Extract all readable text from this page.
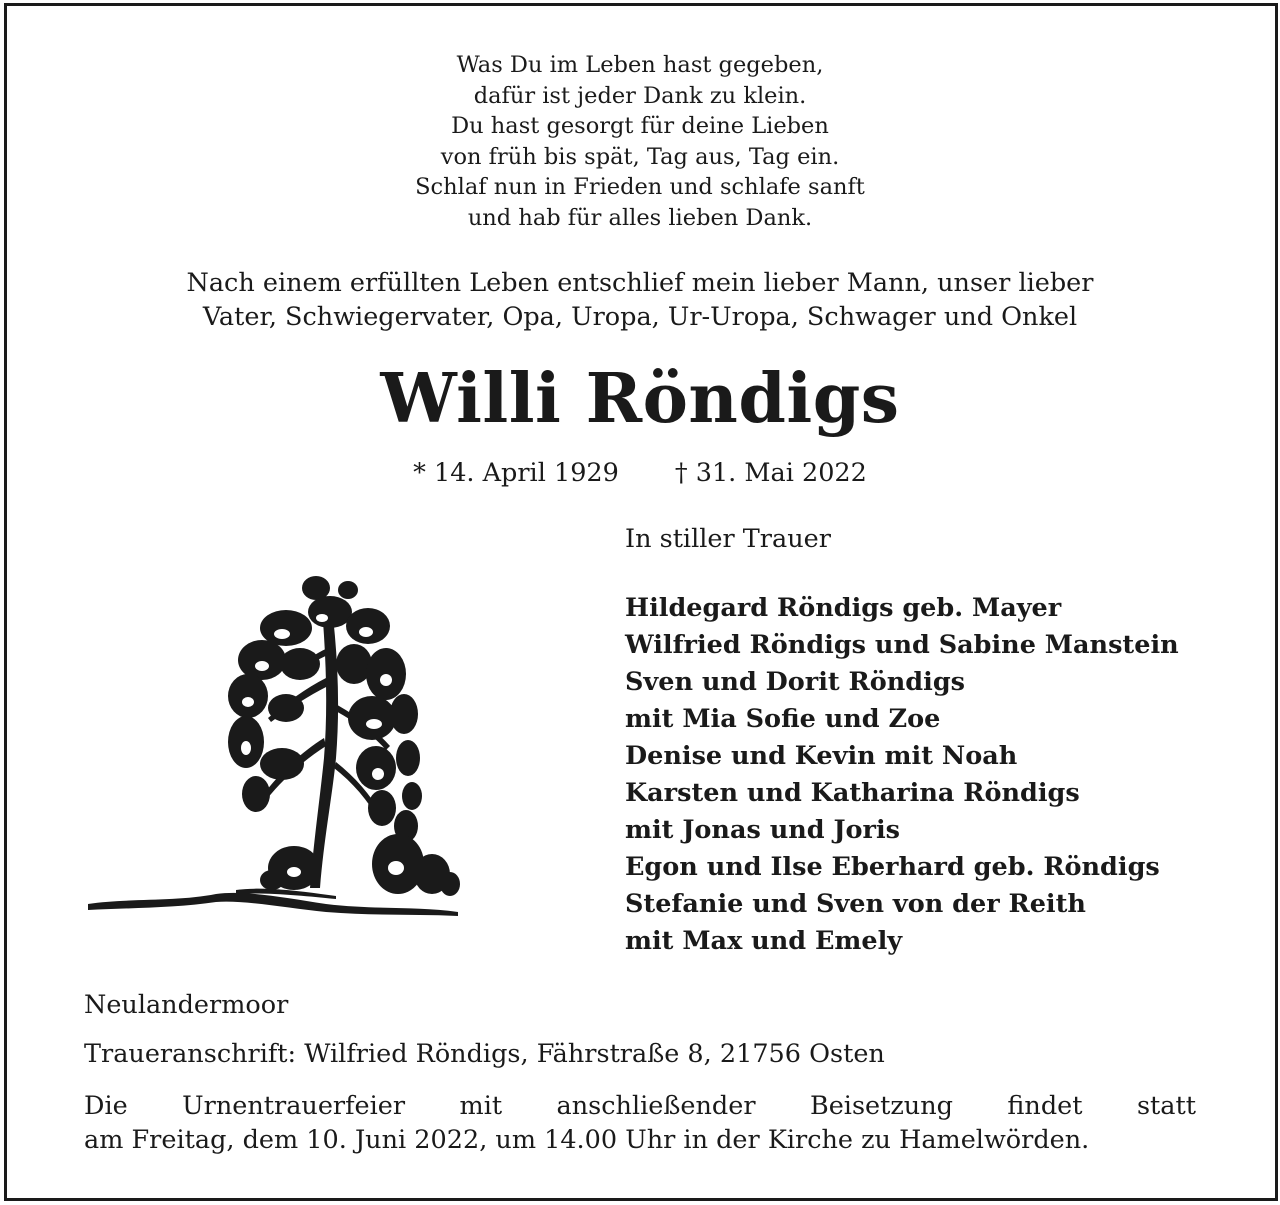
Was Du im Leben hast gegeben,
dafür ist jeder Dank zu klein.
Du hast gesorgt für deine Lieben
von früh bis spät, Tag aus, Tag ein.
Schlaf nun in Frieden und schlafe sanft
und hab für alles lieben Dank.
Nach einem erfüllten Leben entschlief mein lieber Mann, unser lieber
Vater, Schwiegervater, Opa, Uropa, Ur-Uropa, Schwager und Onkel
Willi Röndigs
* 14. April 1929 † 31. Mai 2022
In stiller Trauer
Hildegard Röndigs geb. Mayer
Wilfried Röndigs und Sabine Manstein
Sven und Dorit Röndigs
mit Mia Sofie und Zoe
Denise und Kevin mit Noah
Karsten und Katharina Röndigs
mit Jonas und Joris
Egon und Ilse Eberhard geb. Röndigs
Stefanie und Sven von der Reith
mit Max und Emely
Neulandermoor
Traueranschrift: Wilfried Röndigs, Fährstraße 8, 21756 Osten
Die Urnentrauerfeier mit anschließender Beisetzung findet statt
am Freitag, dem 10. Juni 2022, um 14.00 Uhr in der Kirche zu Hamelwörden.
